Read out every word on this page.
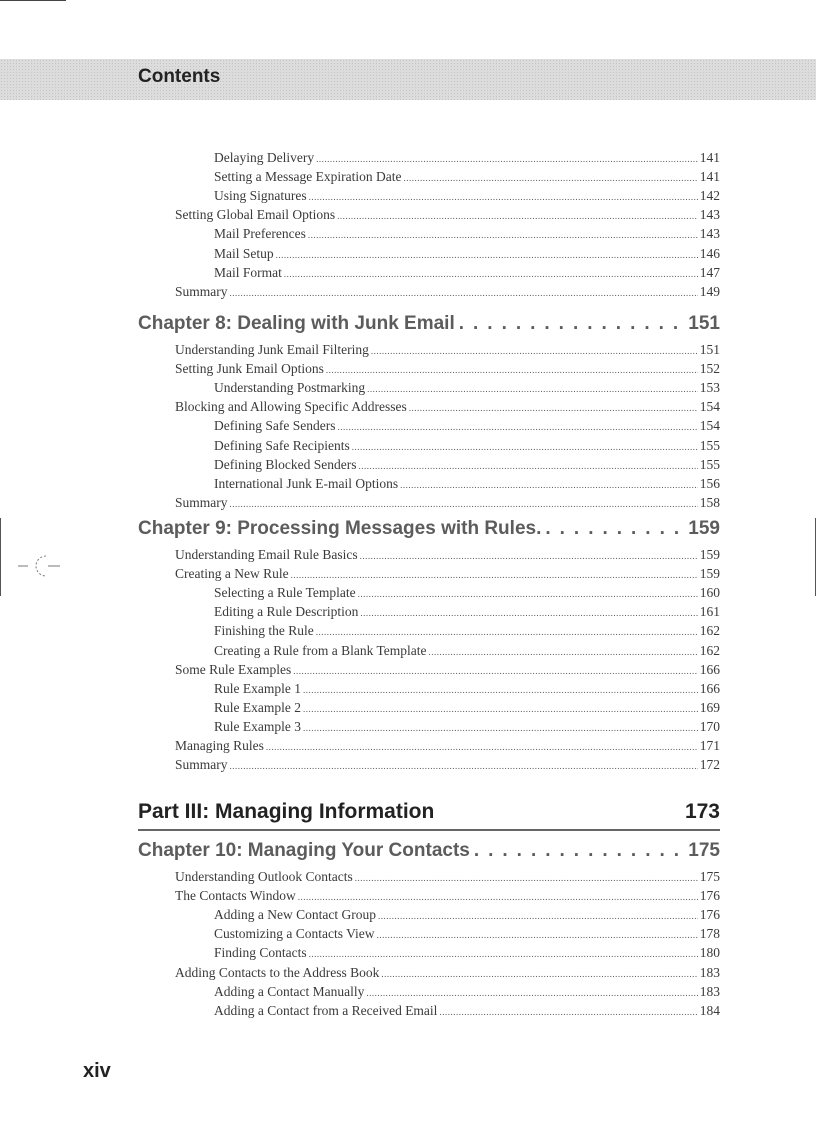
Contents
Part III: Managing Information	173
xiv
Delaying Delivery .....	141
Setting a Message Expiration Date .....	141
Using Signatures .....	142
Setting Global Email Options .....	143
Mail Preferences .....	143
Mail Setup .....	146
Mail Format .....	147
Summary .....	149
Chapter 8: Dealing with Junk Email .....	151
Understanding Junk Email Filtering .....	151
Setting Junk Email Options .....	152
Understanding Postmarking .....	153
Blocking and Allowing Specific Addresses .....	154
Defining Safe Senders .....	154
Defining Safe Recipients .....	155
Defining Blocked Senders .....	155
International Junk E-mail Options .....	156
Summary .....	158
Chapter 9: Processing Messages with Rules. .....	159
Understanding Email Rule Basics .....	159
Creating a New Rule .....	159
Selecting a Rule Template .....	160
Editing a Rule Description .....	161
Finishing the Rule .....	162
Creating a Rule from a Blank Template .....	162
Some Rule Examples .....	166
Rule Example 1 .....	166
Rule Example 2 .....	169
Rule Example 3 .....	170
Managing Rules .....	171
Summary .....	172
Chapter 10: Managing Your Contacts .....	175
Understanding Outlook Contacts .....	175
The Contacts Window .....	176
Adding a New Contact Group .....	176
Customizing a Contacts View .....	178
Finding Contacts .....	180
Adding Contacts to the Address Book .....	183
Adding a Contact Manually .....	183
Adding a Contact from a Received Email .....	184
